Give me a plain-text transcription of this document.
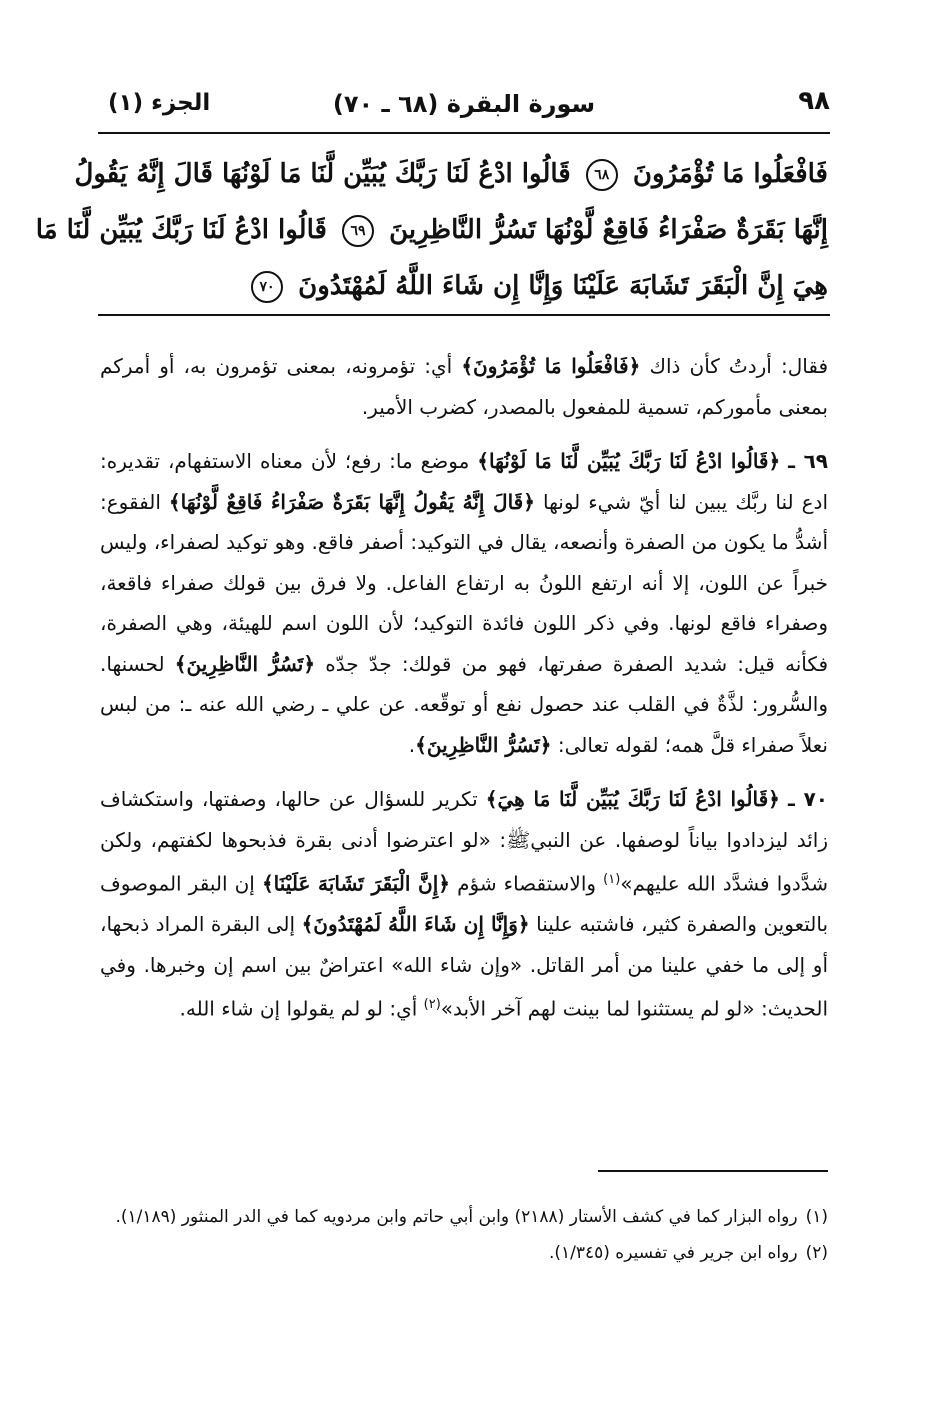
٩٨
سورة البقرة (٦٨ ـ ٧٠)
الجزء (١)
فَافْعَلُوا مَا تُؤْمَرُونَ ٦٨ قَالُوا ادْعُ لَنَا رَبَّكَ يُبَيِّن لَّنَا مَا لَوْنُهَا قَالَ إِنَّهُ يَقُولُ
إِنَّهَا بَقَرَةٌ صَفْرَاءُ فَاقِعٌ لَّوْنُهَا تَسُرُّ النَّاظِرِينَ ٦٩ قَالُوا ادْعُ لَنَا رَبَّكَ يُبَيِّن لَّنَا مَا
هِيَ إِنَّ الْبَقَرَ تَشَابَهَ عَلَيْنَا وَإِنَّا إِن شَاءَ اللَّهُ لَمُهْتَدُونَ ٧٠

فقال: أردتُ كأن ذاك ﴿فَافْعَلُوا مَا تُؤْمَرُونَ﴾ أي: تؤمرونه، بمعنى تؤمرون به، أو أمركم بمعنى مأموركم، تسمية للمفعول بالمصدر، كضرب الأمير.

٦٩ ـ ﴿قَالُوا ادْعُ لَنَا رَبَّكَ يُبَيِّن لَّنَا مَا لَوْنُهَا﴾ موضع ما: رفع؛ لأن معناه الاستفهام، تقديره: ادع لنا ربَّك يبين لنا أيّ شيء لونها ﴿قَالَ إِنَّهُ يَقُولُ إِنَّهَا بَقَرَةٌ صَفْرَاءُ فَاقِعٌ لَّوْنُهَا﴾ الفقوع: أشدُّ ما يكون من الصفرة وأنصعه، يقال في التوكيد: أصفر فاقع. وهو توكيد لصفراء، وليس خبراً عن اللون، إلا أنه ارتفع اللونُ به ارتفاع الفاعل. ولا فرق بين قولك صفراء فاقعة، وصفراء فاقع لونها. وفي ذكر اللون فائدة التوكيد؛ لأن اللون اسم للهيئة، وهي الصفرة، فكأنه قيل: شديد الصفرة صفرتها، فهو من قولك: جدّ جدّه ﴿تَسُرُّ النَّاظِرِينَ﴾ لحسنها. والسُّرور: لذَّةٌ في القلب عند حصول نفع أو توقّعه. عن علي ـ رضي الله عنه ـ: من لبس نعلاً صفراء قلَّ همه؛ لقوله تعالى: ﴿تَسُرُّ النَّاظِرِينَ﴾.

٧٠ ـ ﴿قَالُوا ادْعُ لَنَا رَبَّكَ يُبَيِّن لَّنَا مَا هِيَ﴾ تكرير للسؤال عن حالها، وصفتها، واستكشاف زائد ليزدادوا بياناً لوصفها. عن النبيﷺ: «لو اعترضوا أدنى بقرة فذبحوها لكفتهم، ولكن شدَّدوا فشدَّد الله عليهم»$^{(١)}$ والاستقصاء شؤم ﴿إِنَّ الْبَقَرَ تَشَابَهَ عَلَيْنَا﴾ إن البقر الموصوف بالتعوين والصفرة كثير، فاشتبه علينا ﴿وَإِنَّا إِن شَاءَ اللَّهُ لَمُهْتَدُونَ﴾ إلى البقرة المراد ذبحها، أو إلى ما خفي علينا من أمر القاتل. «وإن شاء الله» اعتراضٌ بين اسم إن وخبرها. وفي الحديث: «لو لم يستثنوا لما بينت لهم آخر الأبد»$^{(٢)}$ أي: لو لم يقولوا إن شاء الله.

(١)رواه البزار كما في كشف الأستار (٢١٨٨) وابن أبي حاتم وابن مردويه كما في الدر المنثور (١/١٨٩).

(٢)رواه ابن جرير في تفسيره (١/٣٤٥).
